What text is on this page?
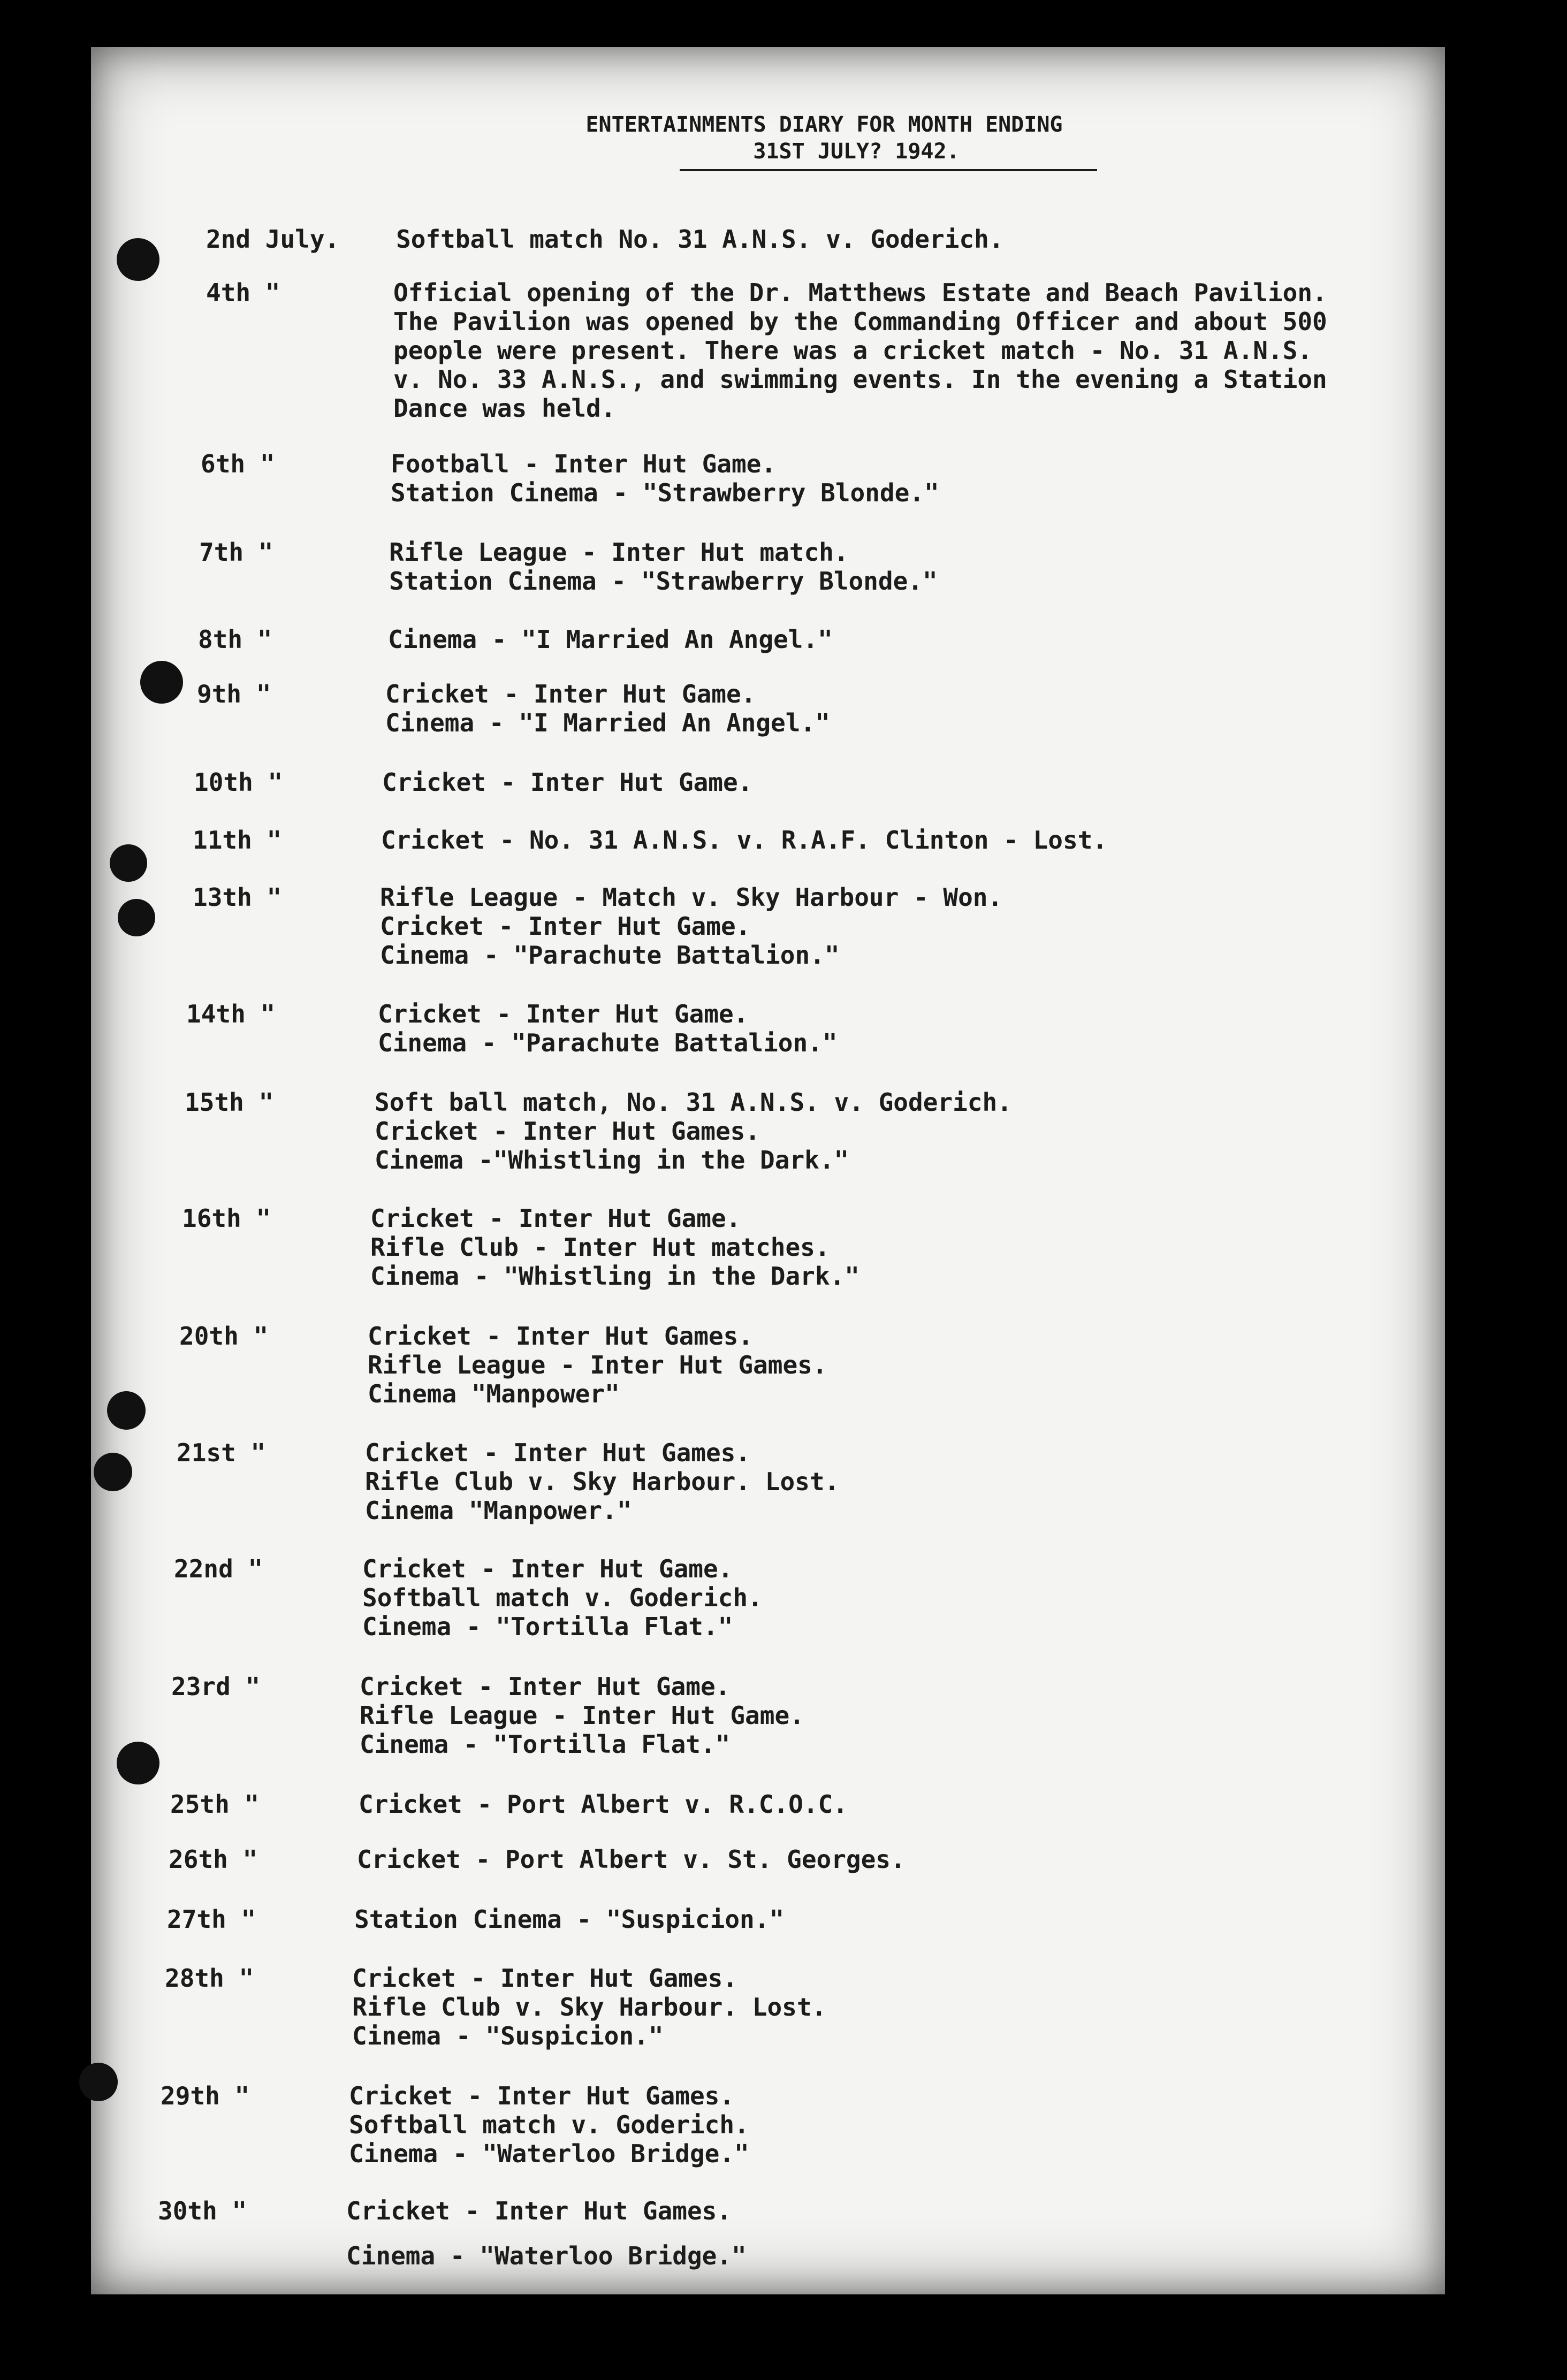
ENTERTAINMENTS DIARY FOR MONTH ENDING
31ST JULY? 1942.
2nd July. Softball match No. 31 A.N.S. v. Goderich.
4th "	Official opening of the Dr. Matthews Estate and Beach Pavilion.
The Pavilion was opened by the Commanding Officer and about 500
people were present. There was a cricket match - No. 31 A.N.S.
v. No. 33 A.N.S., and swimming events. In the evening a Station
Dance was held.
6th "	Football - Inter Hut Game.
Station Cinema - "Strawberry Blonde."
7th "	Rifle League - Inter Hut match.
Station Cinema - "Strawberry Blonde."
8th "	Cinema - "I Married An Angel."
9th "	Cricket - Inter Hut Game.
Cinema - "I Married An Angel."
10th "	Cricket - Inter Hut Game.
11th "	Cricket - No. 31 A.N.S. v. R.A.F. Clinton - Lost.
13th "	Rifle League - Match v. Sky Harbour - Won.
Cricket - Inter Hut Game.
Cinema - "Parachute Battalion."
14th "	Cricket - Inter Hut Game.
Cinema - "Parachute Battalion."
15th "	Soft ball match, No. 31 A.N.S. v. Goderich.
Cricket - Inter Hut Games.
Cinema -"Whistling in the Dark."
16th "	Cricket - Inter Hut Game.
Rifle Club - Inter Hut matches.
Cinema - "Whistling in the Dark."
20th "	Cricket - Inter Hut Games.
Rifle League - Inter Hut Games.
Cinema "Manpower"
21st "	Cricket - Inter Hut Games.
Rifle Club v. Sky Harbour. Lost.
Cinema "Manpower."
22nd "	Cricket - Inter Hut Game.
Softball match v. Goderich.
Cinema - "Tortilla Flat."
23rd "	Cricket - Inter Hut Game.
Rifle League - Inter Hut Game.
Cinema - "Tortilla Flat."
25th "	Cricket - Port Albert v. R.C.O.C.
26th "	Cricket - Port Albert v. St. Georges.
27th "	Station Cinema - "Suspicion."
28th "	Cricket - Inter Hut Games.
Rifle Club v. Sky Harbour. Lost.
Cinema - "Suspicion."
29th "	Cricket - Inter Hut Games.
Softball match v. Goderich.
Cinema - "Waterloo Bridge."
30th "	Cricket - Inter Hut Games.
Cinema - "Waterloo Bridge."
